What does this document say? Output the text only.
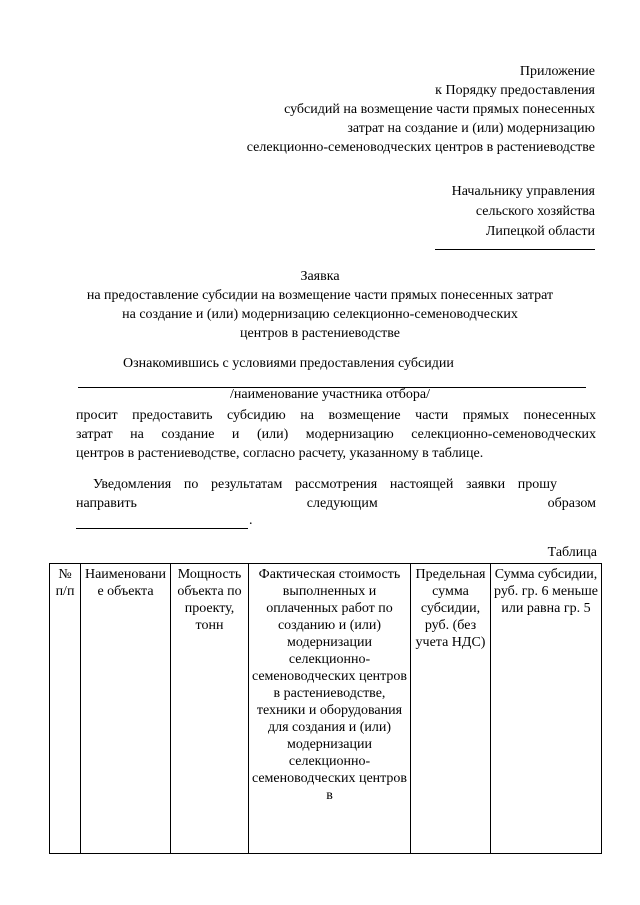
Приложение
к Порядку предоставления
субсидий на возмещение части прямых понесенных
затрат на создание и (или) модернизацию
селекционно-семеноводческих центров в растениеводстве
Начальнику управления
сельского хозяйства
Липецкой области
Заявка
на предоставление субсидии на возмещение части прямых понесенных затрат
на создание и (или) модернизацию селекционно-семеноводческих
центров в растениеводстве
Ознакомившись с условиями предоставления субсидии
/наименование участника отбора/
просит предоставить субсидию на возмещение части прямых понесенных
затрат на создание и (или) модернизацию селекционно-семеноводческих
центров в растениеводстве, согласно расчету, указанному в таблице.
Уведомления по результатам рассмотрения настоящей заявки прошу
направить	следующим	образом
.
Таблица
№ п/п	Наименование объекта	Мощность объекта по проекту, тонн	Фактическая стоимость выполненных и оплаченных работ по созданию и (или) модернизации селекционно-семеноводческих центров в растениеводстве, техники и оборудования для создания и (или) модернизации селекционно-семеноводческих центров в	Предельная сумма субсидии, руб. (без учета НДС)	Сумма субсидии, руб. гр. 6 меньше или равна гр. 5
